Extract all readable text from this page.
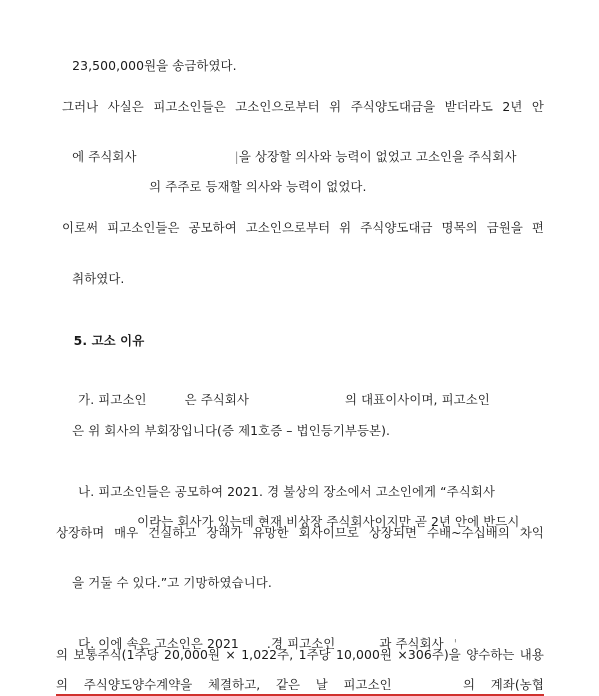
23,500,000원을 송금하였다.

그러나 사실은 피고소인들은 고소인으로부터 위 주식양도대금을 받더라도 2년 안

에 주식회사	|을 상장할 의사와 능력이 없었고 고소인을 주식회사

의 주주로 등재할 의사와 능력이 없었다.

이로써 피고소인들은 공모하여 고소인으로부터 위 주식양도대금 명목의 금원을 편

취하였다.

5. 고소 이유

가. 피고소인	은 주식회사	의 대표이사이며, 피고소인

은 위 회사의 부회장입니다(증 제1호증 – 법인등기부등본).

나. 피고소인들은 공모하여 2021. 경 불상의 장소에서 고소인에게 “주식회사

이라는 회사가 있는데 현재 비상장 주식회사이지만 곧 2년 안에 반드시

상장하며 매우 건실하고 장래가 유망한 회사이므로 상장되면 수배~수십배의 차익

을 거둘 수 있다.”고 기망하였습니다.

다. 이에 속은 고소인은 2021 .경 피고소인	과 주식회사 '

의 보통주식(1주당 20,000원 × 1,022주, 1주당 10,000원 ×306주)을 양수하는 내용
의 주식양도양수계약을 체결하고, 같은 날 피고소인	의 계좌(농협
